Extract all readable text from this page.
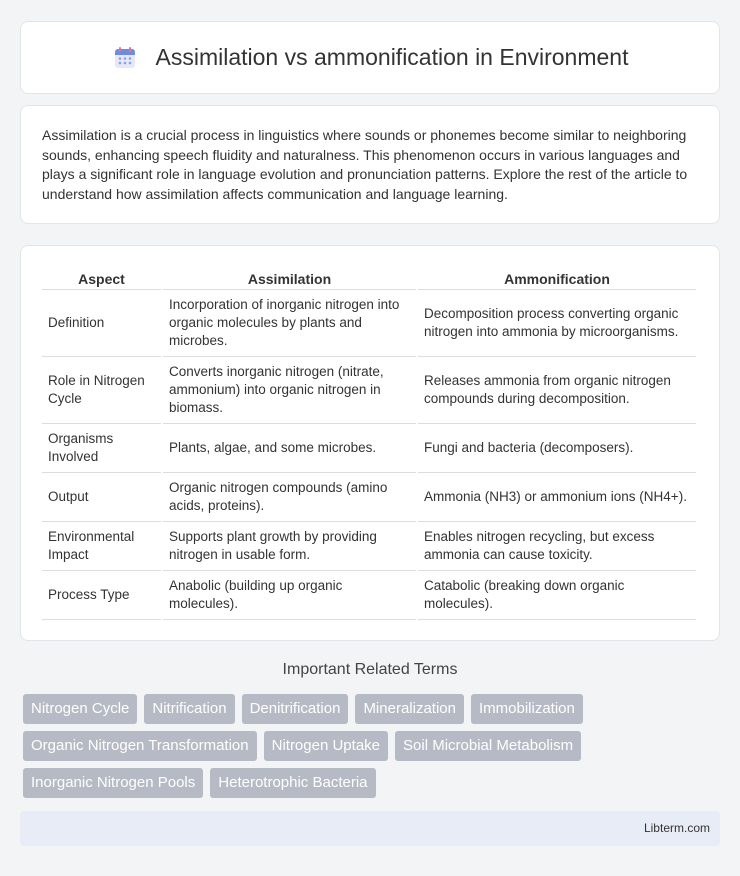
Assimilation vs ammonification in Environment

Assimilation is a crucial process in linguistics where sounds or phonemes become similar to neighboring sounds, enhancing speech fluidity and naturalness. This phenomenon occurs in various languages and plays a significant role in language evolution and pronunciation patterns. Explore the rest of the article to understand how assimilation affects communication and language learning.

Aspect	Assimilation	Ammonification
Definition	Incorporation of inorganic nitrogen into organic molecules by plants and microbes.	Decomposition process converting organic nitrogen into ammonia by microorganisms.
Role in Nitrogen Cycle	Converts inorganic nitrogen (nitrate, ammonium) into organic nitrogen in biomass.	Releases ammonia from organic nitrogen compounds during decomposition.
Organisms Involved	Plants, algae, and some microbes.	Fungi and bacteria (decomposers).
Output	Organic nitrogen compounds (amino acids, proteins).	Ammonia (NH3) or ammonium ions (NH4+).
Environmental Impact	Supports plant growth by providing nitrogen in usable form.	Enables nitrogen recycling, but excess ammonia can cause toxicity.
Process Type	Anabolic (building up organic molecules).	Catabolic (breaking down organic molecules).
Important Related Terms
Nitrogen Cycle	Nitrification	Denitrification	Mineralization	Immobilization
Organic Nitrogen Transformation	Nitrogen Uptake	Soil Microbial Metabolism
Inorganic Nitrogen Pools	Heterotrophic Bacteria
Libterm.com
